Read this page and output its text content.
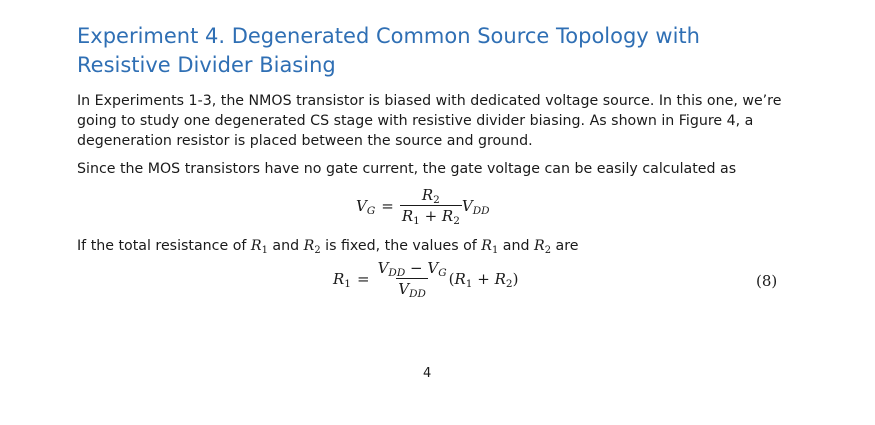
Experiment 4. Degenerated Common Source Topology with Resistive Divider Biasing

In Experiments 1-3, the NMOS transistor is biased with dedicated voltage source. In this one, we’re going to study one degenerated CS stage with resistive divider biasing. As shown in Figure 4, a degeneration resistor is placed between the source and ground.

Since the MOS transistors have no gate current, the gate voltage can be easily calculated as

$V_G = \frac{R_2}{R_1 + R_2} V_{DD}$

If the total resistance of $R_1$ and $R_2$ is fixed, the values of $R_1$ and $R_2$ are

$R_1 = \frac{V_{DD} - V_G}{V_{DD}} (R_1 + R_2)$	(8)
4
